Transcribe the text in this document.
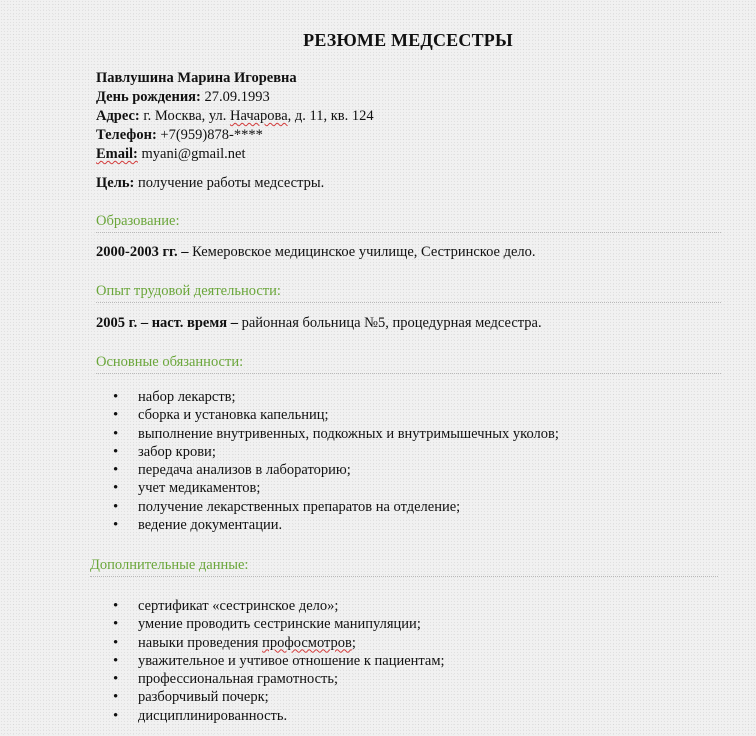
РЕЗЮМЕ МЕДСЕСТРЫ
Павлушина Марина Игоревна
День рождения: 27.09.1993
Адрес: г. Москва, ул. Начарова, д. 11, кв. 124
Телефон: +7(959)878-****
Email: myani@gmail.net
Цель: получение работы медсестры.
Образование:
2000-2003 гг. – Кемеровское медицинское училище, Сестринское дело.
Опыт трудовой деятельности:
2005 г. – наст. время – районная больница №5, процедурная медсестра.
Основные обязанности:
• набор лекарств;
• сборка и установка капельниц;
• выполнение внутривенных, подкожных и внутримышечных уколов;
• забор крови;
• передача анализов в лабораторию;
• учет медикаментов;
• получение лекарственных препаратов на отделение;
• ведение документации.
Дополнительные данные:
• сертификат «сестринское дело»;
• умение проводить сестринские манипуляции;
• навыки проведения профосмотров;
• уважительное и учтивое отношение к пациентам;
• профессиональная грамотность;
• разборчивый почерк;
• дисциплинированность.
